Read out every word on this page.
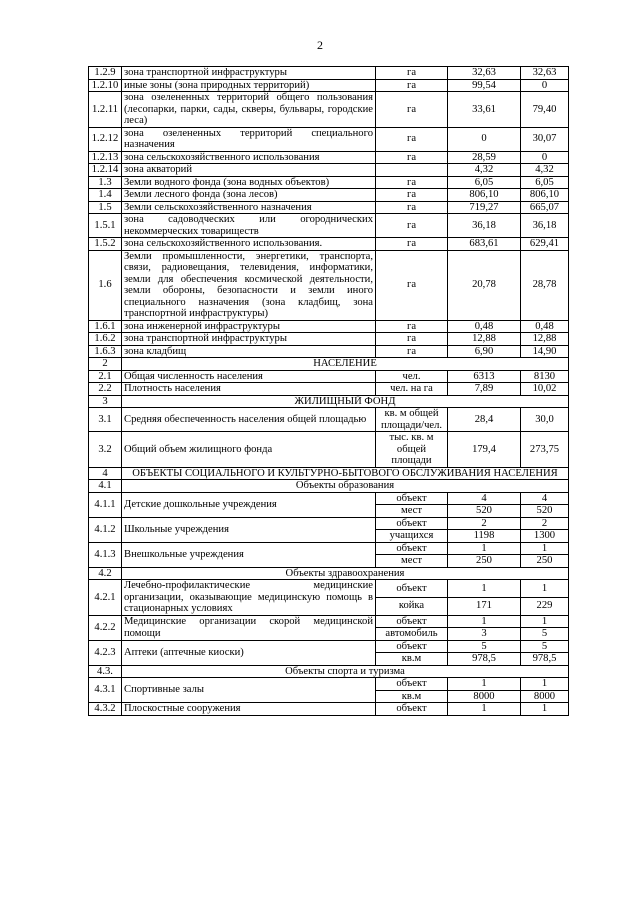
2
1.2.9	зона транспортной инфраструктуры	га	32,63	32,63
1.2.10	иные зоны (зона природных территорий)	га	99,54	0
1.2.11	зона озелененных территорий общего пользования (лесопарки, парки, сады, скверы, бульвары, городские леса)	га	33,61	79,40
1.2.12	зона озелененных территорий специального назначения	га	0	30,07
1.2.13	зона сельскохозяйственного использования	га	28,59	0
1.2.14	зона акваторий		4,32	4,32
1.3	Земли водного фонда (зона водных объектов)	га	6,05	6,05
1.4	Земли лесного фонда (зона лесов)	га	806,10	806,10
1.5	Земли сельскохозяйственного назначения	га	719,27	665,07
1.5.1	зона садоводческих или огороднических некоммерческих товариществ	га	36,18	36,18
1.5.2	зона сельскохозяйственного использования.	га	683,61	629,41
1.6	Земли промышленности, энергетики, транспорта, связи, радиовещания, телевидения, информатики, земли для обеспечения космической деятельности, земли обороны, безопасности и земли иного специального назначения (зона кладбищ, зона транспортной инфраструктуры)	га	20,78	28,78
1.6.1	зона инженерной инфраструктуры	га	0,48	0,48
1.6.2	зона транспортной инфраструктуры	га	12,88	12,88
1.6.3	зона кладбищ	га	6,90	14,90
2	НАСЕЛЕНИЕ			
2.1	Общая численность населения	чел.	6313	8130
2.2	Плотность населения	чел. на га	7,89	10,02
3	ЖИЛИЩНЫЙ ФОНД			
3.1	Средняя обеспеченность населения общей площадью	кв. м общей площади/чел.	28,4	30,0
3.2	Общий объем жилищного фонда	тыс. кв. м общей площади	179,4	273,75
4	ОБЪЕКТЫ СОЦИАЛЬНОГО И КУЛЬТУРНО-БЫТОВОГО ОБСЛУЖИВАНИЯ НАСЕЛЕНИЯ			
4.1	Объекты образования			
4.1.1	Детские дошкольные учреждения	объект	4	4
		мест	520	520
4.1.2	Школьные учреждения	объект	2	2
		учащихся	1198	1300
4.1.3	Внешкольные учреждения	объект	1	1
		мест	250	250
4.2	Объекты здравоохранения			
4.2.1	Лечебно-профилактические медицинские организации, оказывающие медицинскую помощь в стационарных условиях	объект	1	1
		койка	171	229
4.2.2	Медицинские организации скорой медицинской помощи	объект	1	1
		автомобиль	3	5
4.2.3	Аптеки (аптечные киоски)	объект	5	5
		кв.м	978,5	978,5
4.3.	Объекты спорта и туризма			
4.3.1	Спортивные залы	объект	1	1
		кв.м	8000	8000
4.3.2	Плоскостные сооружения	объект	1	1
